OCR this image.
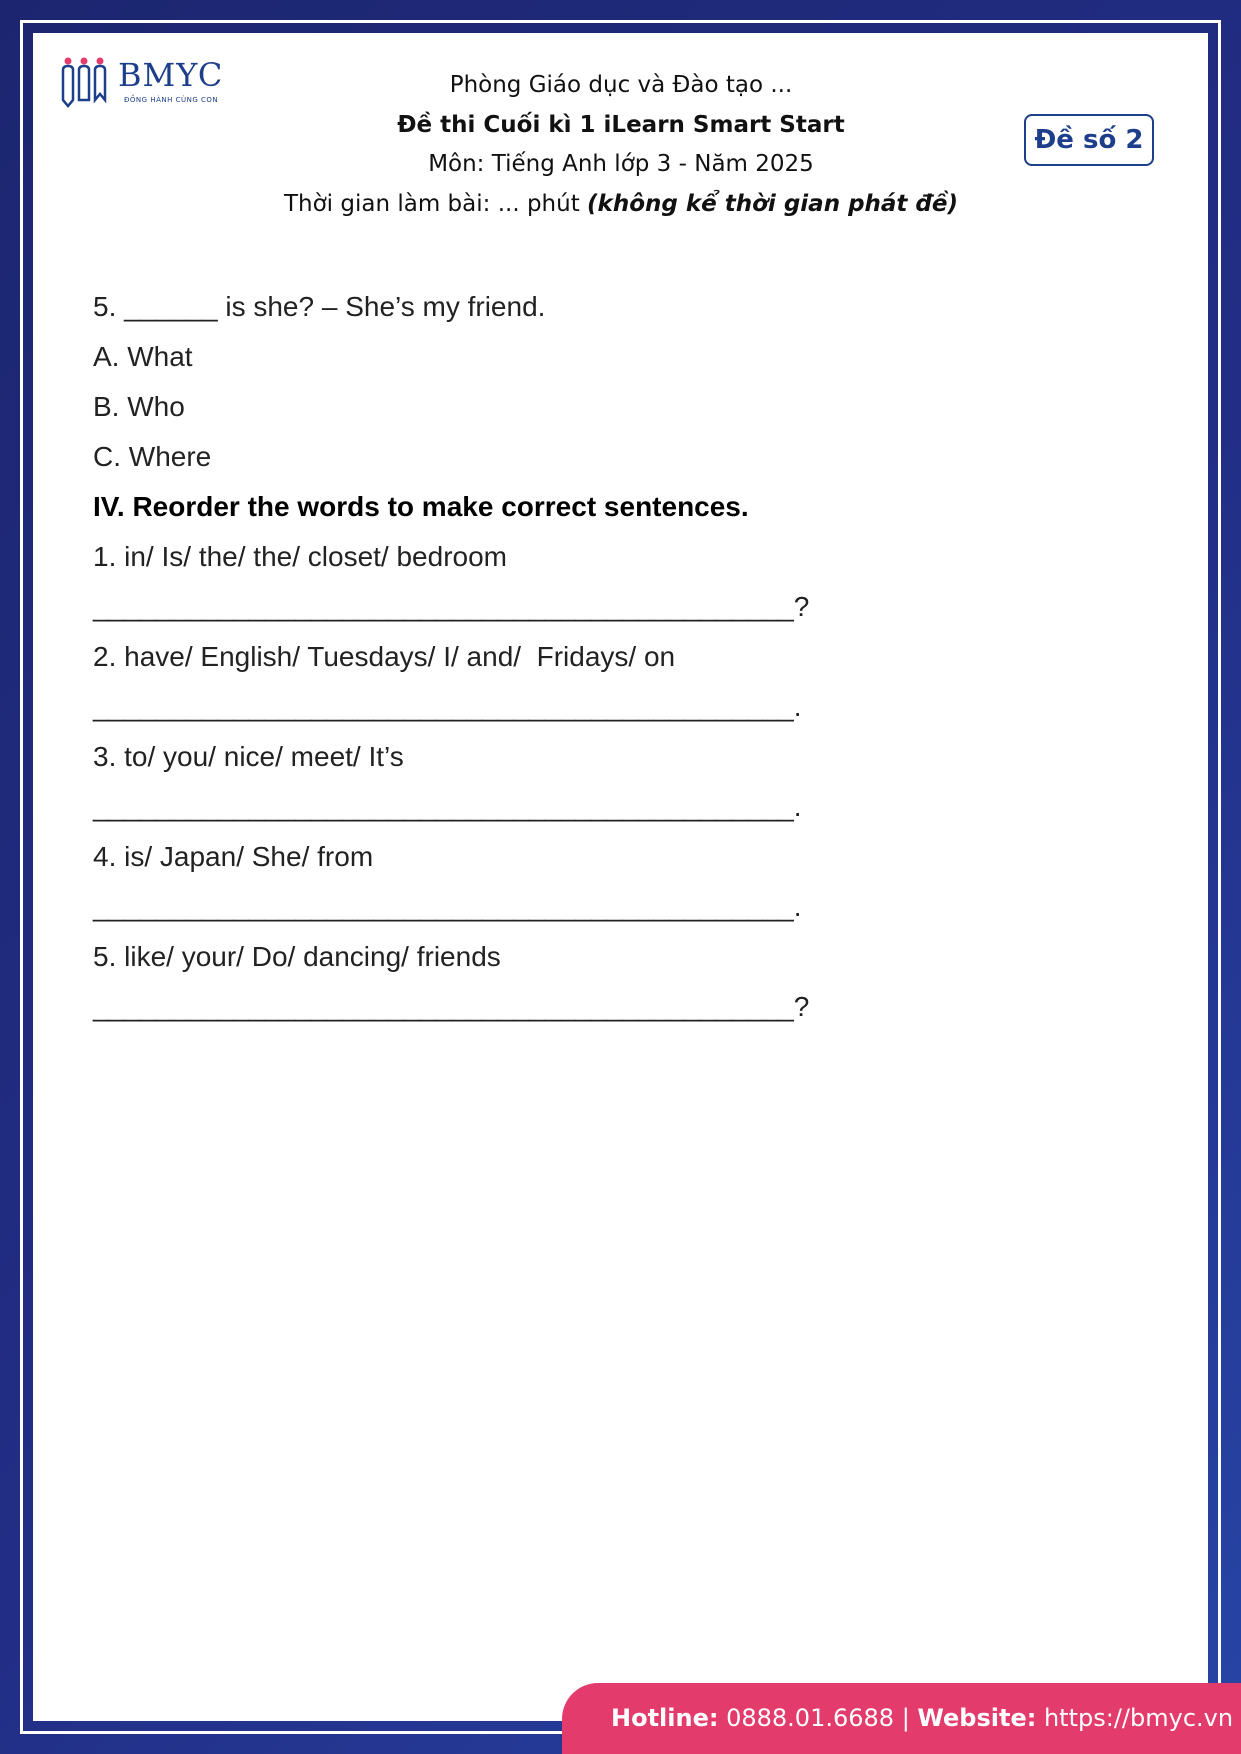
BMYC
ĐỒNG HÀNH CÙNG CON
Phòng Giáo dục và Đào tạo ...
Đề thi Cuối kì 1 iLearn Smart Start
Môn: Tiếng Anh lớp 3 - Năm 2025
Thời gian làm bài: ... phút (không kể thời gian phát đề)
Đề số 2
5. ______ is she? – She’s my friend.
A. What
B. Who
C. Where
IV. Reorder the words to make correct sentences.
1. in/ Is/ the/ the/ closet/ bedroom
_____________________________________________?
2. have/ English/ Tuesdays/ I/ and/  Fridays/ on
_____________________________________________.
3. to/ you/ nice/ meet/ It’s
_____________________________________________.
4. is/ Japan/ She/ from
_____________________________________________.
5. like/ your/ Do/ dancing/ friends
_____________________________________________?
Hotline: 0888.01.6688 | Website: https://bmyc.vn
